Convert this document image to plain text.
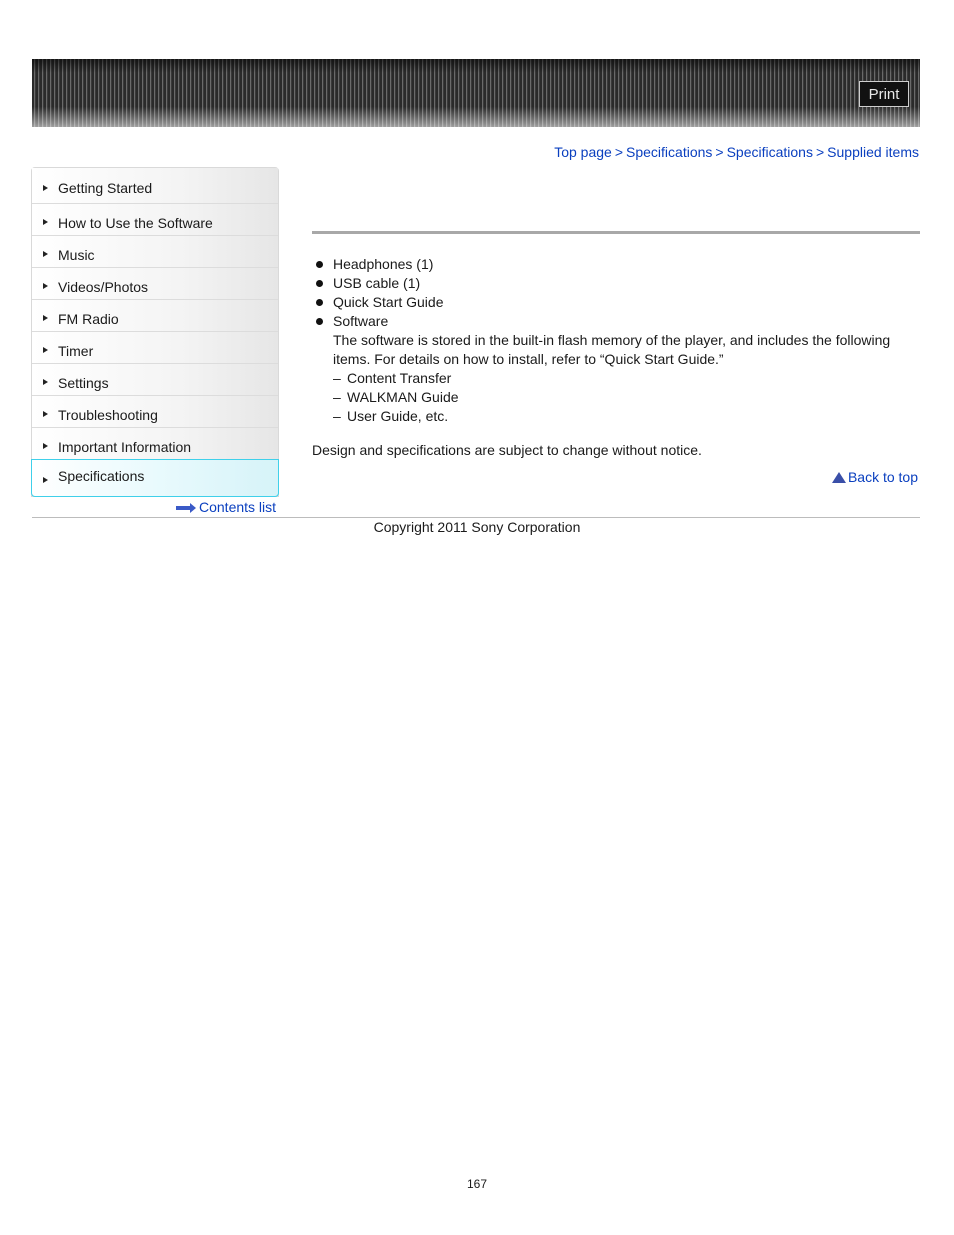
Print
Top page > Specifications > Specifications > Supplied items
Getting Started
How to Use the Software
Music
Videos/Photos
FM Radio
Timer
Settings
Troubleshooting
Important Information
Specifications
Contents list
Headphones (1)
USB cable (1)
Quick Start Guide
Software

The software is stored in the built-in flash memory of the player, and includes the following items. For details on how to install, refer to “Quick Start Guide.”

– Content Transfer
– WALKMAN Guide
– User Guide, etc.
Design and specifications are subject to change without notice.
Back to top
Copyright 2011 Sony Corporation
167
